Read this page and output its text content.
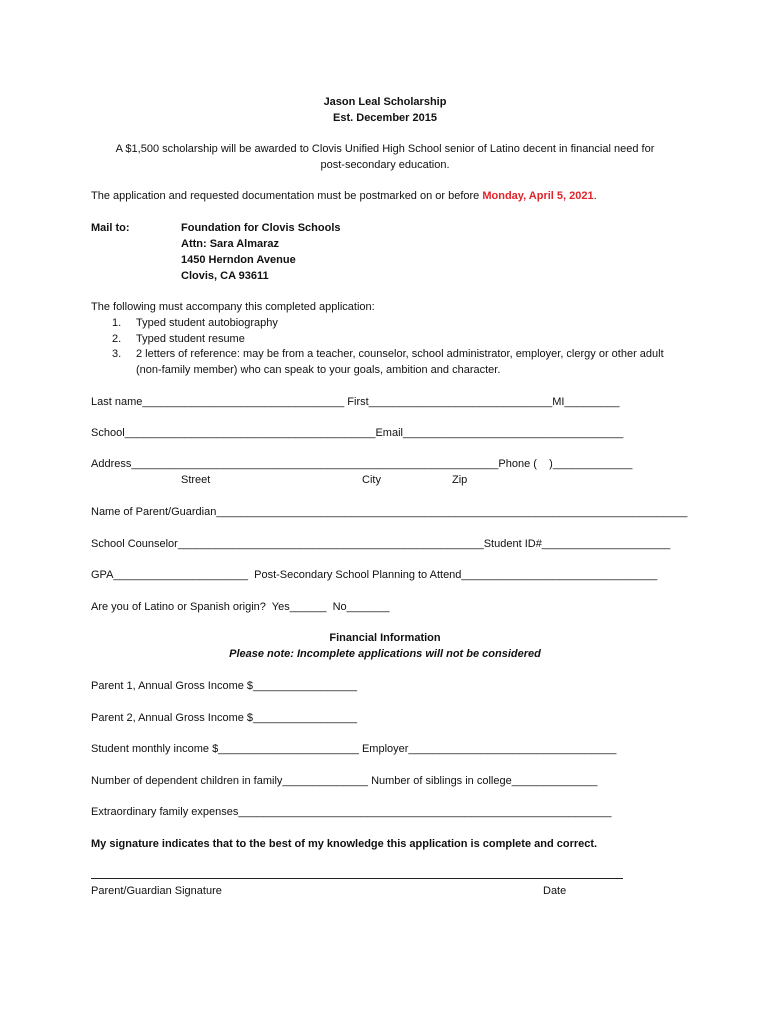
Jason Leal Scholarship
Est. December 2015
A $1,500 scholarship will be awarded to Clovis Unified High School senior of Latino decent in financial need for
post-secondary education.
The application and requested documentation must be postmarked on or before Monday, April 5, 2021.
Mail to:	Foundation for Clovis Schools
Attn: Sara Almaraz
1450 Herndon Avenue
Clovis, CA 93611
The following must accompany this completed application:
1. Typed student autobiography
2. Typed student resume
3. 2 letters of reference: may be from a teacher, counselor, school administrator, employer, clergy or other adult (non-family member) who can speak to your goals, ambition and character.
Last name_________________________________ First______________________________MI_________
School_________________________________________Email____________________________________
Address____________________________________________________________Phone (    )_____________
Street	City	Zip
Name of Parent/Guardian_____________________________________________________________________________
School Counselor__________________________________________________Student ID#_____________________
GPA______________________  Post-Secondary School Planning to Attend________________________________
Are you of Latino or Spanish origin?  Yes______  No_______
Financial Information
Please note: Incomplete applications will not be considered
Parent 1, Annual Gross Income $_________________
Parent 2, Annual Gross Income $_________________
Student monthly income $_______________________ Employer__________________________________
Number of dependent children in family______________ Number of siblings in college______________
Extraordinary family expenses_____________________________________________________________
My signature indicates that to the best of my knowledge this application is complete and correct.
Parent/Guardian Signature	Date
